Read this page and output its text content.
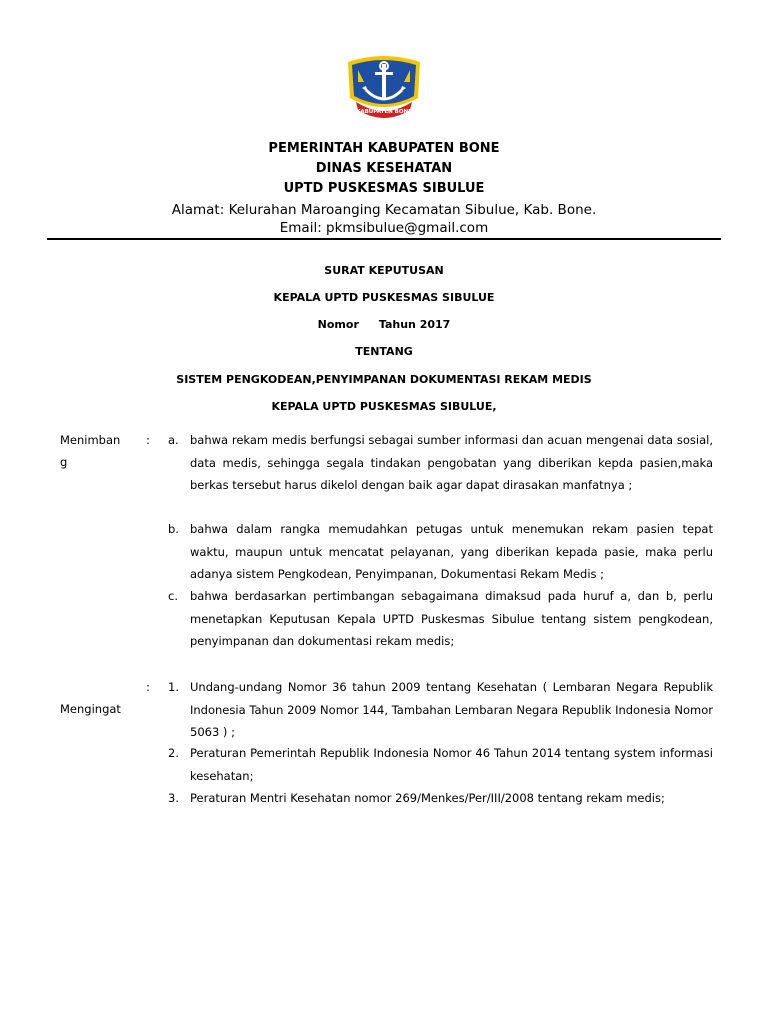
KABUPATEN BONE
PEMERINTAH KABUPATEN BONE
DINAS KESEHATAN
UPTD PUSKESMAS SIBULUE
Alamat: Kelurahan Maroanging Kecamatan Sibulue, Kab. Bone.
Email: pkmsibulue@gmail.com
SURAT KEPUTUSAN
KEPALA UPTD PUSKESMAS SIBULUE
Nomor Tahun 2017
TENTANG
SISTEM PENGKODEAN,PENYIMPANAN DOKUMENTASI REKAM MEDIS
KEPALA UPTD PUSKESMAS SIBULUE,
Menimban
g
: a. bahwa rekam medis berfungsi sebagai sumber informasi dan acuan mengenai data sosial, data medis, sehingga segala tindakan pengobatan yang diberikan kepda pasien,maka berkas tersebut harus dikelol dengan baik agar dapat dirasakan manfatnya ;
b. bahwa dalam rangka memudahkan petugas untuk menemukan rekam pasien tepat waktu, maupun untuk mencatat pelayanan, yang diberikan kepada pasie, maka perlu adanya sistem Pengkodean, Penyimpanan, Dokumentasi Rekam Medis ;
c.	bahwa berdasarkan pertimbangan sebagaimana dimaksud pada huruf a, dan b, perlu menetapkan Keputusan Kepala UPTD Puskesmas Sibulue tentang sistem pengkodean, penyimpanan dan dokumentasi rekam medis;
:
Mengingat
1. Undang-undang Nomor 36 tahun 2009 tentang Kesehatan ( Lembaran Negara Republik Indonesia Tahun 2009 Nomor 144, Tambahan Lembaran Negara Republik Indonesia Nomor 5063 ) ;
2. Peraturan Pemerintah Republik Indonesia Nomor 46 Tahun 2014 tentang system informasi kesehatan;
3. Peraturan Mentri Kesehatan nomor 269/Menkes/Per/III/2008 tentang rekam medis;
